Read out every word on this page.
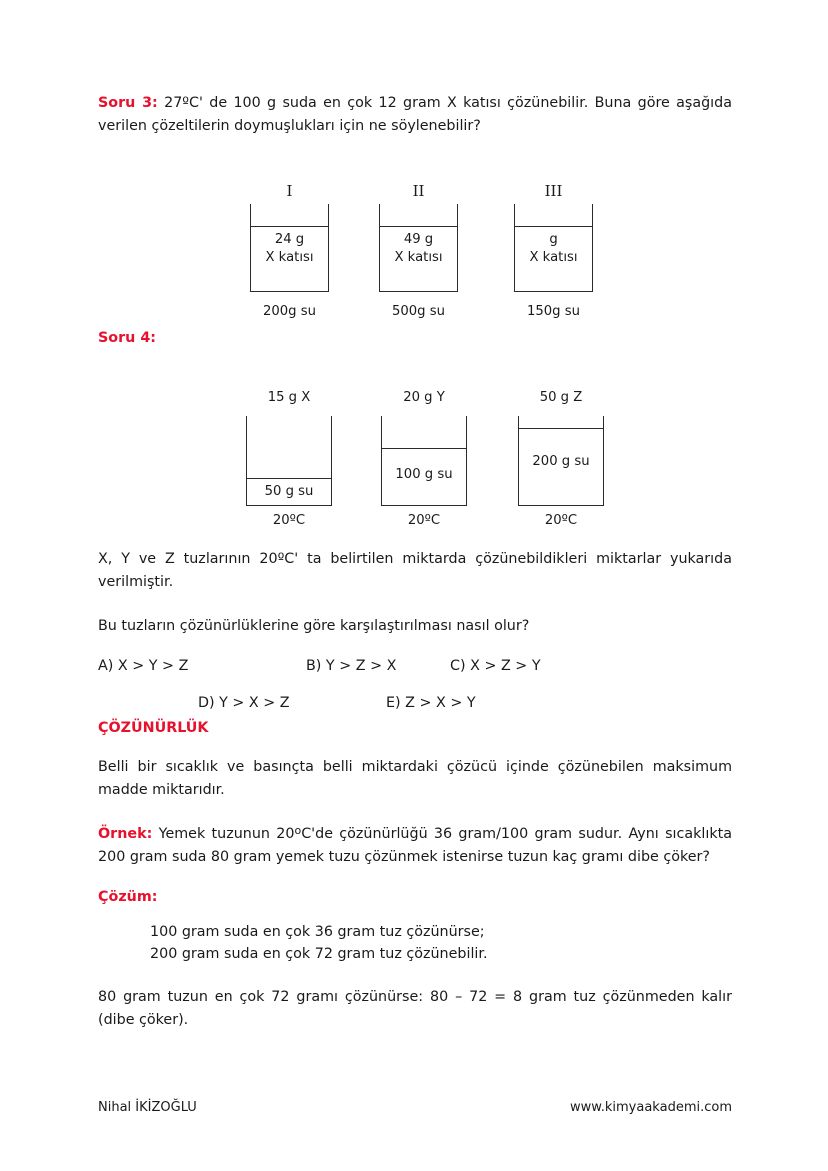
Soru 3: 27ºC' de 100 g suda en çok 12 gram X katısı çözünebilir. Buna göre aşağıda verilen çözeltilerin doymuşlukları için ne söylenebilir?

I
24 g
X katısı
200g su
II
49 g
X katısı
500g su
III
g
X katısı
150g su

Soru 4:

15 g X
50 g su
20ºC
20 g Y
100 g su
20ºC
50 g Z
200 g su
20ºC

X, Y ve Z tuzlarının 20ºC' ta belirtilen miktarda çözünebildikleri miktarlar yukarıda verilmiştir.

Bu tuzların çözünürlüklerine göre karşılaştırılması nasıl olur?

A) X > Y > Z	B) Y > Z > X	C) X > Z > Y
D) Y > X > Z	E) Z > X > Y

ÇÖZÜNÜRLÜK

Belli bir sıcaklık ve basınçta belli miktardaki çözücü içinde çözünebilen maksimum madde miktarıdır.

Örnek: Yemek tuzunun 20$^o$C'de çözünürlüğü 36 gram/100 gram sudur. Aynı sıcaklıkta 200 gram suda 80 gram yemek tuzu çözünmek istenirse tuzun kaç gramı dibe çöker?

Çözüm:

100 gram suda en çok 36 gram tuz çözünürse;
200 gram suda en çok 72 gram tuz çözünebilir.

80 gram tuzun en çok 72 gramı çözünürse: 80 – 72 = 8 gram tuz çözünmeden kalır (dibe çöker).

Nihal İKİZOĞLU	www.kimyaakademi.com
